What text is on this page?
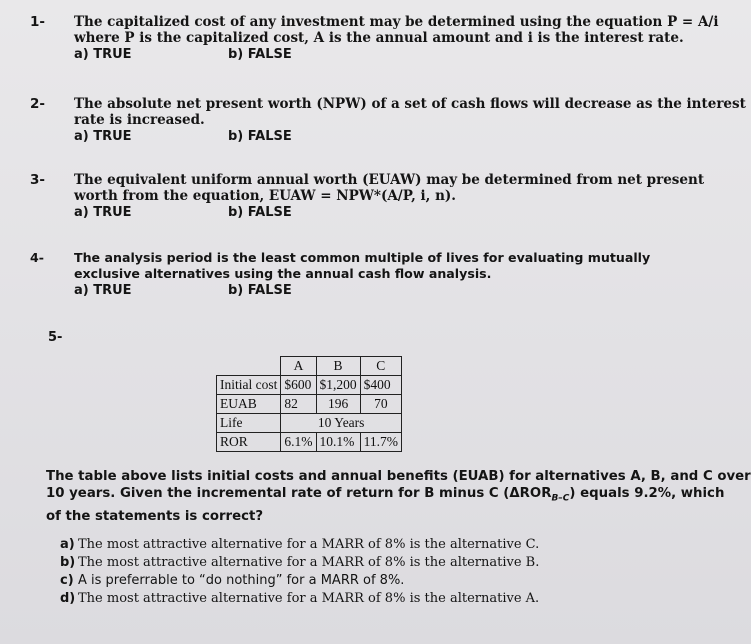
1- The capitalized cost of any investment may be determined using the equation P = A/i
where P is the capitalized cost, A is the annual amount and i is the interest rate.
a) TRUE	b) FALSE
2- The absolute net present worth (NPW) of a set of cash flows will decrease as the interest
rate is increased.
a) TRUE	b) FALSE
3- The equivalent uniform annual worth (EUAW) may be determined from net present
worth from the equation, EUAW = NPW*(A/P, i, n).
a) TRUE	b) FALSE
4- The analysis period is the least common multiple of lives for evaluating mutually
exclusive alternatives using the annual cash flow analysis.
a) TRUE	b) FALSE
5-
	A	B	C
Initial cost	$600	$1,200	$400
EUAB	82	196	70
Life	10 Years		
ROR	6.1%	10.1%	11.7%
The table above lists initial costs and annual benefits (EUAB) for alternatives A, B, and C over
10 years. Given the incremental rate of return for B minus C $(\Delta ROR_{B-C})$ equals 9.2%, which
of the statements is correct?
a) The most attractive alternative for a MARR of 8% is the alternative C.
b) The most attractive alternative for a MARR of 8% is the alternative B.
c) A is preferrable to “do nothing” for a MARR of 8%.
d) The most attractive alternative for a MARR of 8% is the alternative A.
